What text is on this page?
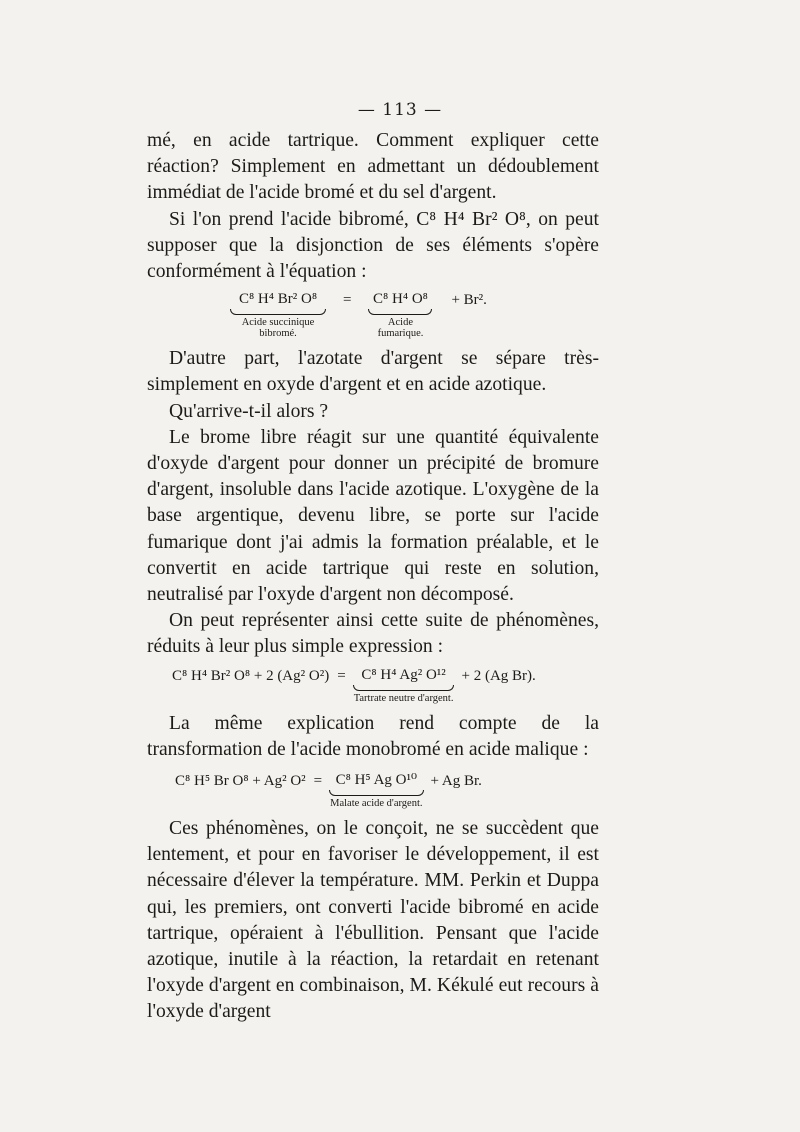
— 113 —

mé, en acide tartrique. Comment expliquer cette réaction? Simplement en admettant un dédoublement immédiat de l'acide bromé et du sel d'argent.

Si l'on prend l'acide bibromé, C⁸ H⁴ Br² O⁸, on peut supposer que la disjonction de ses éléments s'opère conformément à l'équation :

C⁸ H⁴ Br² O⁸
Acide succinique bibromé.
=	C⁸ H⁴ O⁸
Acide fumarique.
+ Br².

D'autre part, l'azotate d'argent se sépare très-simplement en oxyde d'argent et en acide azotique.

Qu'arrive-t-il alors ?

Le brome libre réagit sur une quantité équivalente d'oxyde d'argent pour donner un précipité de bromure d'argent, insoluble dans l'acide azotique. L'oxygène de la base argentique, devenu libre, se porte sur l'acide fumarique dont j'ai admis la formation préalable, et le convertit en acide tartrique qui reste en solution, neutralisé par l'oxyde d'argent non décomposé.

On peut représenter ainsi cette suite de phénomènes, réduits à leur plus simple expression :

C⁸ H⁴ Br² O⁸ + 2 (Ag² O²) = C⁸ H⁴ Ag² O¹²
Tartrate neutre d'argent.
+ 2 (Ag Br).

La même explication rend compte de la transformation de l'acide monobromé en acide malique :

C⁸ H⁵ Br O⁸ + Ag² O² = C⁸ H⁵ Ag O¹⁰
Malate acide d'argent.
+ Ag Br.

Ces phénomènes, on le conçoit, ne se succèdent que lentement, et pour en favoriser le développement, il est nécessaire d'élever la température. MM. Perkin et Duppa qui, les premiers, ont converti l'acide bibromé en acide tartrique, opéraient à l'ébullition. Pensant que l'acide azotique, inutile à la réaction, la retardait en retenant l'oxyde d'argent en combinaison, M. Kékulé eut recours à l'oxyde d'argent
